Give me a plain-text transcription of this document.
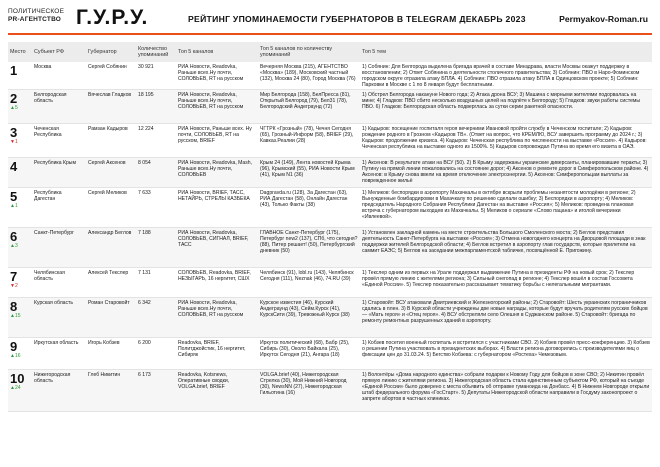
ПОЛИТИЧЕСКОЕ
PR-АГЕНТСТВО Г.У.Р.У.	РЕЙТИНГ УПОМИНАЕМОСТИ ГУБЕРНАТОРОВ В TELEGRAM ДЕКАБРЬ 2023	Permyakov-Roman.ru
Место	Субъект РФ	Губернатор	Количество упоминаний	Топ 5 каналов	Топ 5 каналов по количеству упоминаний	Топ 5 тем

1	Москва	Сергей Собянин	30 921	РИА Новости, Readovka, Раньше всех.Ну почти, СОЛОВЬЕВ, RT на русском	Вечерняя Москва (215), АГЕНТСТВО «Москва» (189), Московский частный (132), Москва 24 (80), Город Москва (76)	1) Собянин: Для Белгорода выделена бригада врачей в составе Минздрава, власти Москвы окажут поддержку в восстановлении; 2) Ответ Собянина о деятельности столичного правительства; 3) Собянин: ПВО в Наро-Фоминском городском округе отразила атаку БПЛА. 4) Собянин: ПВО отразила атаку БПЛА в Одинцовском проекте; 5) Собянин: Парковки в Москве с 1 по 8 января будут бесплатными.

2
▲5	Белгородская область	Вячеслав Гладков	18 195	РИА Новости, Readovka, Раньше всех.Ну почти, СОЛОВЬЕВ, RT на русском	Мир Белгорода (158), БелПресса (81), Открытый Белгород (79), Бел31 (78), Белгородский Андеграунд (72)	1) Обстрел Белгорода накануне Нового года; 2) Атака дрона ВСУ; 3) Машина с мирными жителями подорвалась на мине; 4) Гладков: ПВО сбито несколько воздушных целей на подлёте к Белгороду; 5) Гладков: звуки работы системы ПВО. 6) Гладков: Белгородская область подверглась за сутки серии ракетной опасности.

3
▼1	Чеченская Республика	Рамзан Кадыров	12 224	РИА Новости, Раньше всех. Ну почти, СОЛОВЬЕВ, RT на русском, BRIEF	ЧГТРК «Грозный» (78), Чечня Сегодня (65), Грозный-Информ (58), BRIEF (29), Кавказ.Реалии (28)	1) Кадыров: посещение госпиталя героя вечерними Ивановой пройти службу в Чеченском госпитале; 2) Кадыров: рождение родного в Грозном «Кадыров ТВ». (Ответ на вопрос, что КРЕМЛЮ, ВСУ завершить программу до 2024 г.; 3) Кадыров: продолжение кризиса. 4) Кадыров: Чеченская республика по численности на выставке «Россия». 4) Кадыров: Чеченская республика на выставке одного из 1500%. 5) Кадыров сопровождал Путина во время его визита в ОАЭ.

4	Республика Крым	Сергей Аксенов	8 054	РИА Новости, Readovka, Mash, Раньше всех.Ну почти, СОЛОВЬЕВ	Крым 24 (149), Лента новостей Крыма (96), Крымский (55), РИА Новости Крым (41), Крым N1 (36)	1) Аксенов: В результате атаки на ВСУ (50). 2) В Крыму задержаны украинские диверсанты, планировавшие теракты; 3) Путину на прямой линии пожаловались на состояние дорог; 4) Аксенов о ремонте дорог в Симферопольском районе. 4) Аксенов: в Крыму снова ввели на время отключение электроэнергии. 5) Аксенов: Симферопольцам выплаты за поврежденное жильё

5
▲1	Республика Дагестан	Сергей Меликов	7 633	РИА Новости, BRIEF, ТАСС, НЕТАЙРЬ, СТРЕЛЫ КАЗБЕКА	Dagpravda.ru (128), За Дагестан (63), РИА Дагестан (58), Онлайн Дагестан (43), Только Факты (38)	1) Меликов: беспорядки в аэропорту Махачкалы в октябре вскрыли проблемы незанятости молодёжи в регионе; 2) Вынужденные бомбардировки в Махачкалу по решению сделали ошибку; 3) Беспорядки в аэропорту; 4) Меликов: председатель Народного Собрания Республики Дагестан на выставке «Россия»; 5) Меликов: проведена плановая встреча с губернатором выходцев из Махачкалы. 5) Меликов о сериале «Слово пацана» и иголой вечеринки «Ивлеевой».

6
▲3	Санкт-Петербург	Александр Беглов	7 188	РИА Новости, Readovka, СОЛОВЬЕВ, СИГНАЛ, BRIEF, ТАСС	ГЛАВНОЕ Санкт-Петербург (175), Петербург new2 (137), СПб, что сегодня? (88), Питер решает! (50), Петербургский дневник (50)	1) Установлен закладной камень на месте строительства Большого Смоленского моста; 2) Беглов представил деятельность Санкт-Петербурга на выставке «Россия»; 3) Отмена новогоднего концерта на Дворцовой площади в знак поддержки жителей Белгородской области; 4) Беглов встретил в аэропорту глав государств, которые прилетели на саммит ЕАЭС; 5) Беглов на заседании межпарламентской табличке, посвящённой Е. Пригожину.

7
▼2	Челябинская область	Алексей Текслер	7 131	СОЛОВЬЕВ, Readovka, BRIEF, НЕЗЫГАРЬ, 16 нергитет, СШХ	Челябинск (91), lobl.ru (143), Челябинск Сегодня (111), Neznak (46), 74.RU (39)	1) Текслер одним из первых на Урале поддержал выдвижение Путина в президенты РФ на новый срок; 2) Текслер провёл прямую линию с жителями региона; 3) Сильный снегопад в регионе; 4) Текслер вошёл в состав Госсовета «Единой России». 5) Текслер показательно рассказывает тематику борьбы с нелегальными мигрантами.

8
▲15	Курская область	Роман Старовойт	6 342	РИА Новости, Readovka, Раньше всех.Ну почти, СОЛОВЬЕВ, RT на русском	Курское известия (46), Курский Андеграунд (43), Сейм.Курск (41), КурскСити (39), Тревожный Курск (38)	1) Старовойт: ВСУ атаковали Дмитриевский и Железногорский районы; 2) Старовойт: Шесть украинских пограничников сдались в плен. 3) В Курской области учреждены две новые награды, которые будут вручать родителям русских бойцов — «Мать героя» и «Отец героя». 4) ВСУ обстреляли село Олешня в Суджанском районе. 5) Старовойт: бригада по ремонту ремонтных разрушенных зданий в аэропорту.

9
▲16	Иркутская область	Игорь Кобзев	6 200	Readovka, BRIEF, Политджойстик, 16 нергитет, Сибиряк	Иркутск политический (68), Бабр (25), Сибирь (30), Около Байкала (25), Иркутск Сегодня (21), Ангара (18)	1) Кобзев посетил военный госпиталь и встретился с участниками СВО. 2) Кобзев провёл пресс-конференцию. 3) Кобзев о решении Путина участвовать в президентских выборах. 4) Власти региона договорились с производителями яиц о фиксации цен до 31.03.24. 5) Бегство Кобзева: с губернатором «Ростеха» Чемезовым.

10
▲24	Нижегородская область	Глеб Никитин	6 173	Readovka, Kotsnews, Оперативные сводки, VOLGA.brief, BRIEF	VOLGA.brief (40), Нижегородская Стрелка (30), Мой Нижний Новгород (30), NewsNN (27), Нижегородская Гильотина (16)	1) Волонтёры «Дома народного единства» собрали подарки к Новому Году для бойцов в зоне СВО; 2) Никитин провёл прямую линию с жителями региона. 3) Нижегородская область стала единственным субъектом РФ, который на съезде «Единой России» было доверено с места объявить об отправке гуманоида на Донбасс. 4) В Нижнем Новгороде открыли штаб федерального форума «ГосСтарт». 5) Депутаты Нижегородской области направили в Госдуму законопроект о запрете абортов в частных клиниках.
